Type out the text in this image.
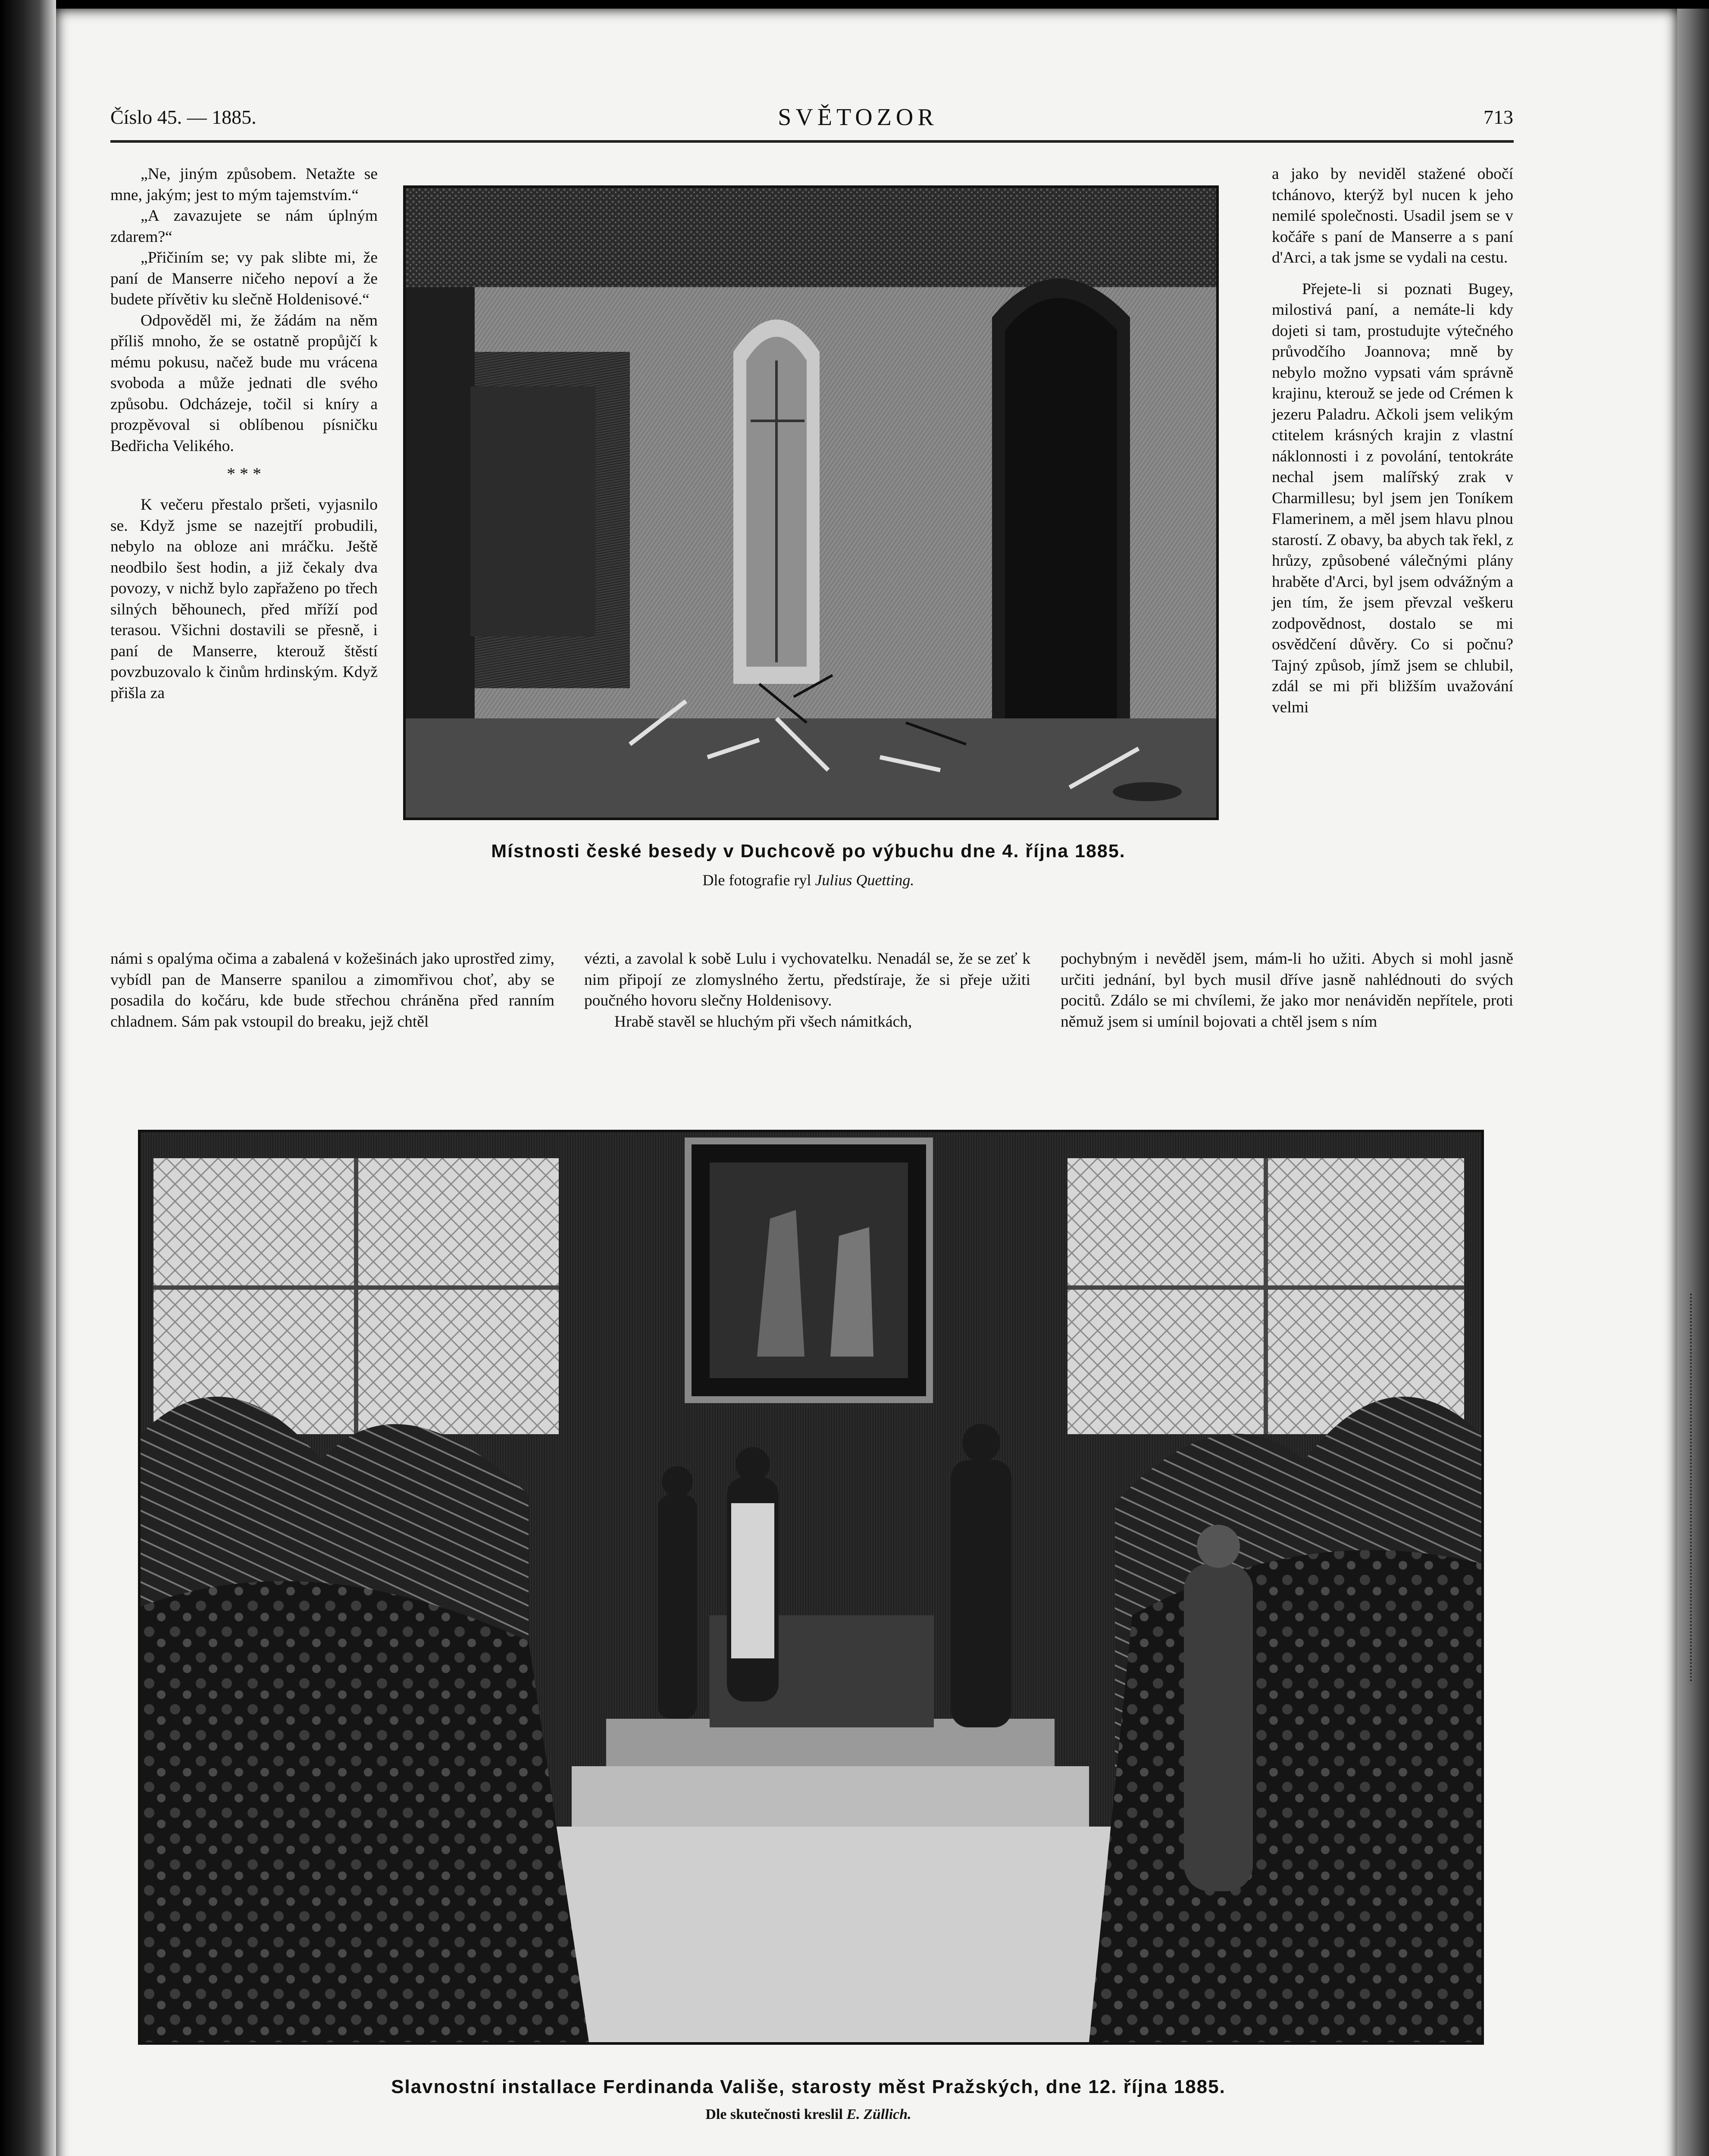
Číslo 45. — 1885.	SVĚTOZOR	713

„Ne, jiným způsobem. Netažte se mne, jakým; jest to mým tajemstvím.“

„A zavazujete se nám úplným zdarem?“

„Přičiním se; vy pak slibte mi, že paní de Manserre ničeho nepoví a že budete přívětiv ku slečně Holdenisové.“

Odpověděl mi, že žádám na něm příliš mnoho, že se ostatně propůjčí k mému pokusu, načež bude mu vrácena svoboda a může jednati dle svého způsobu. Odcházeje, točil si kníry a prozpěvoval si oblíbenou písničku Bedřicha Velikého.

* * *

K večeru přestalo pršeti, vyjasnilo se. Když jsme se nazejtří probudili, nebylo na obloze ani mráčku. Ještě neodbilo šest hodin, a již čekaly dva povozy, v nichž bylo zapřaženo po třech silných běhounech, před mříží pod terasou. Všichni dostavili se přesně, i paní de Manserre, kterouž štěstí povzbuzovalo k činům hrdinským. Když přišla za

a jako by neviděl stažené obočí tchánovo, kterýž byl nucen k jeho nemilé společnosti. Usadil jsem se v kočáře s paní de Manserre a s paní d'Arci, a tak jsme se vydali na cestu.

Přejete-li si poznati Bugey, milostivá paní, a nemáte-li kdy dojeti si tam, prostudujte výtečného průvodčího Joannova; mně by nebylo možno vypsati vám správně krajinu, kterouž se jede od Crémen k jezeru Paladru. Ačkoli jsem velikým ctitelem krásných krajin z vlastní náklonnosti i z povolání, tentokráte nechal jsem malířský zrak v Charmillesu; byl jsem jen Toníkem Flamerinem, a měl jsem hlavu plnou starostí. Z obavy, ba abych tak řekl, z hrůzy, způsobené válečnými plány hraběte d'Arci, byl jsem odvážným a jen tím, že jsem převzal veškeru zodpovědnost, dostalo se mi osvědčení důvěry. Co si počnu? Tajný způsob, jímž jsem se chlubil, zdál se mi při bližším uvažování velmi

Místnosti české besedy v Duchcově po výbuchu dne 4. října 1885.
Dle fotografie ryl Julius Quetting.

námi s opalýma očima a zabalená v kožešinách jako uprostřed zimy, vybídl pan de Manserre spanilou a zimomřivou choť, aby se posadila do kočáru, kde bude střechou chráněna před ranním chladnem. Sám pak vstoupil do breaku, jejž chtěl

vézti, a zavolal k sobě Lulu i vychovatelku. Nenadál se, že se zeť k nim připojí ze zlomyslného žertu, předstíraje, že si přeje užiti poučného hovoru slečny Holdenisovy.

Hrabě stavěl se hluchým při všech námitkách,

pochybným i nevěděl jsem, mám-li ho užiti. Abych si mohl jasně určiti jednání, byl bych musil dříve jasně nahlédnouti do svých pocitů. Zdálo se mi chvílemi, že jako mor nenáviděn nepřítele, proti němuž jsem si umínil bojovati a chtěl jsem s ním

Slavnostní installace Ferdinanda Vališe, starosty měst Pražských, dne 12. října 1885.
Dle skutečnosti kreslil E. Züllich.
